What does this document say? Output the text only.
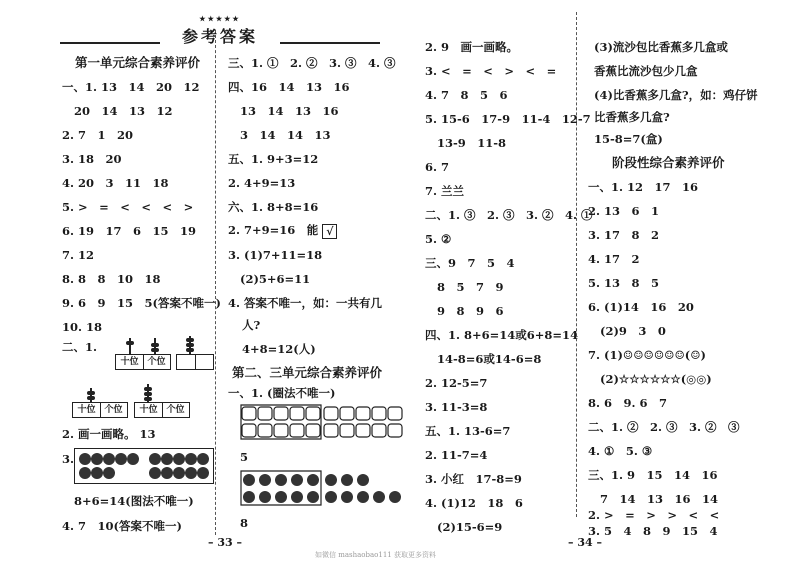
★★★★★
参考答案
第一单元综合素养评价
一、1. 13　14　20　12
20　14　13　12
2. 7　1　20
3. 18　20
4. 20　3　11　18
5. >　=　<　<　<　>
6. 19　17　6　15　19
7. 12
8. 8　8　10　18
9. 6　9　15　5(答案不唯一)
10. 18
二、1.
十位 个位
十位 个位	十位 个位
2. 画一画略。 13
3.
8+6=14(图法不唯一)
4. 7　10(答案不唯一)
三、1. ①　2. ②　3. ③　4. ③
四、16　14　13　16
13　14　13　16
3　14　14　13
五、1. 9+3=12
2. 4+9=13
六、1. 8+8=16
2. 7+9=16　能 √
3. (1)7+11=18
(2)5+6=11
4. 答案不唯一，如：一共有几
人?
4+8=12(人)
第二、三单元综合素养评价
一、1. (圈法不唯一)
5
8
2. 9　画一画略。
3. <　=　<　>　<　=
4. 7　8　5　6
5. 15-6　17-9　11-4　12-7
13-9　11-8
6. 7
7. 兰兰
二、1. ③　2. ③　3. ②　4. ①
5. ②
三、9　7　5　4
8　5　7　9
9　8　9　6
四、1. 8+6=14或6+8=14
14-8=6或14-6=8
2. 12-5=7
3. 11-3=8
五、1. 13-6=7
2. 11-7=4
3. 小红　17-8=9
4. (1)12　18　6
(2)15-6=9
(3)流沙包比香蕉多几盒或
香蕉比流沙包少几盒
(4)比香蕉多几盒?，如：鸡仔饼
比香蕉多几盒?
15-8=7(盒)
阶段性综合素养评价
一、1. 12　17　16
2. 13　6　1
3. 17　8　2
4. 17　2
5. 13　8　5
6. (1)14　16　20
(2)9　3　0
7. (1)☺☺☺☺☺☺(☺)
(2)☆☆☆☆☆☆(◎◎)
8. 6　9. 6　7
二、1. ②　2. ③　3. ②　③
4. ①　5. ③
三、1. 9　15　14　16
7　14　13　16　14
2. >　=　>　>　<　<
3. 5　4　8　9　15　4
– 33 –	– 34 –
如微信 mashaobao111 获取更多资料
